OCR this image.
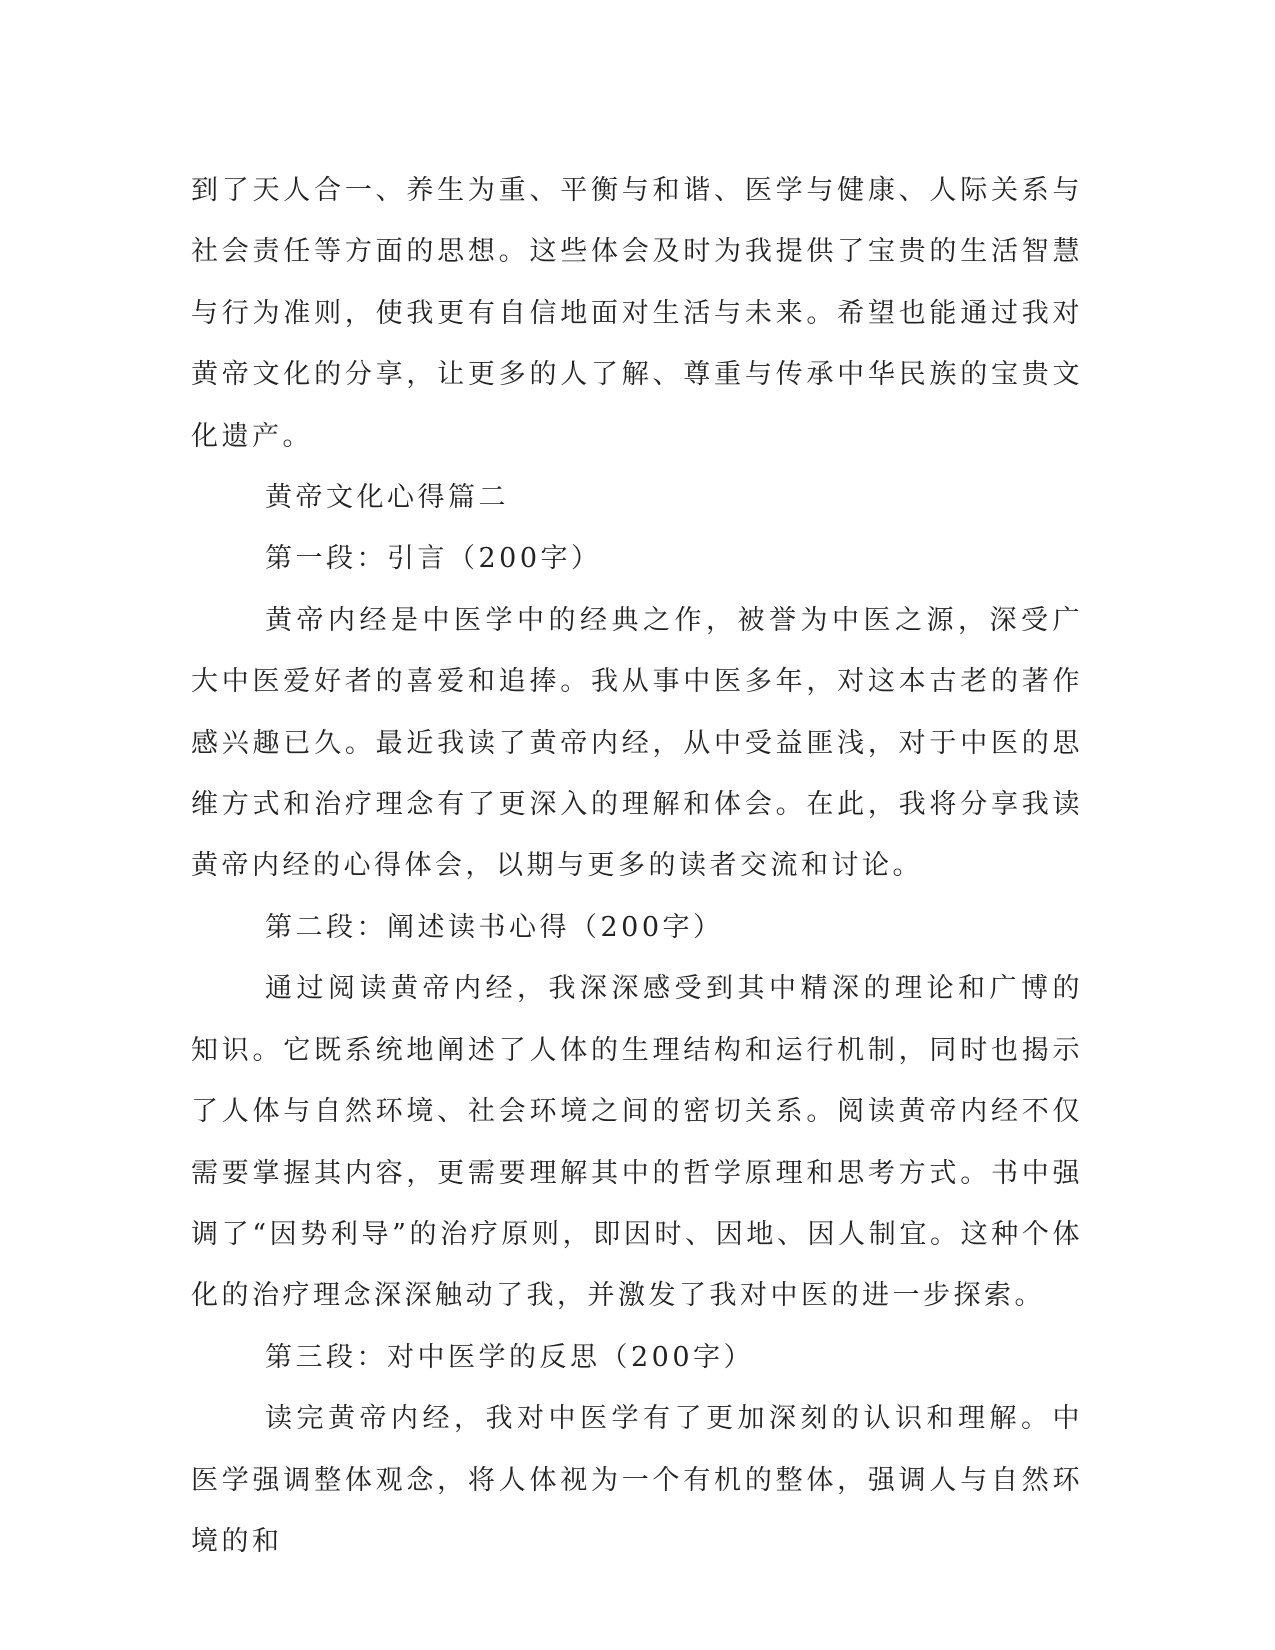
到了天人合一、养生为重、平衡与和谐、医学与健康、人际关系与社会责任等方面的思想。这些体会及时为我提供了宝贵的生活智慧与行为准则，使我更有自信地面对生活与未来。希望也能通过我对黄帝文化的分享，让更多的人了解、尊重与传承中华民族的宝贵文化遗产。

黄帝文化心得篇二

第一段：引言（200字）

黄帝内经是中医学中的经典之作，被誉为中医之源，深受广大中医爱好者的喜爱和追捧。我从事中医多年，对这本古老的著作感兴趣已久。最近我读了黄帝内经，从中受益匪浅，对于中医的思维方式和治疗理念有了更深入的理解和体会。在此，我将分享我读黄帝内经的心得体会，以期与更多的读者交流和讨论。

第二段：阐述读书心得（200字）

通过阅读黄帝内经，我深深感受到其中精深的理论和广博的知识。它既系统地阐述了人体的生理结构和运行机制，同时也揭示了人体与自然环境、社会环境之间的密切关系。阅读黄帝内经不仅需要掌握其内容，更需要理解其中的哲学原理和思考方式。书中强调了“因势利导”的治疗原则，即因时、因地、因人制宜。这种个体化的治疗理念深深触动了我，并激发了我对中医的进一步探索。

第三段：对中医学的反思（200字）

读完黄帝内经，我对中医学有了更加深刻的认识和理解。中医学强调整体观念，将人体视为一个有机的整体，强调人与自然环境的和
